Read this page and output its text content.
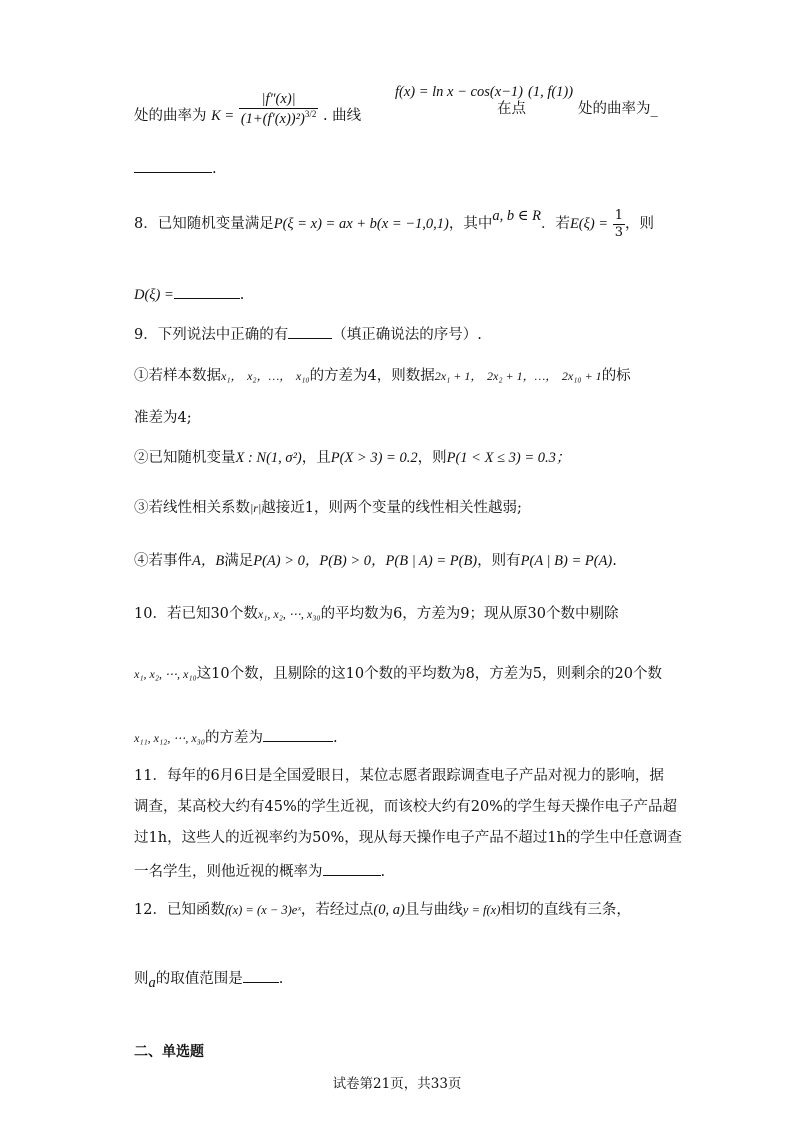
处的曲率为 $K = \frac{|f''(x)|}{(1+(f'(x))^2)^{3/2}}$ . 曲线
f(x) = ln x − cos(x−1)
在点
(1, f(1))
处的曲率为_
.
8．已知随机变量满足P(ξ = x) = ax + b(x = −1,0,1)，其中a, b ∈ R．若$E(\xi) = \frac{1}{3}$ ，则
D(ξ) =	.
9．下列说法中正确的有	（填正确说法的序号）.
①若样本数据x₁， x₂，…， x₁₀的方差为4，则数据2x₁ + 1， 2x₂ + 1，…， 2x₁₀ + 1的标
准差为4;
②已知随机变量X : N(1, σ²)，且P(X > 3) = 0.2，则P(1 < X ≤ 3) = 0.3；
③若线性相关系数|r|越接近1，则两个变量的线性相关性越弱;
④若事件A，B满足P(A) > 0，P(B) > 0，P(B | A) = P(B)，则有P(A | B) = P(A).
10．若已知30个数x₁, x₂, ⋯, x₃₀的平均数为6，方差为9；现从原30个数中剔除
x₁, x₂, ⋯, x₁₀这10个数，且剔除的这10个数的平均数为8，方差为5，则剩余的20个数
x₁₁, x₁₂, ⋯, x₃₀的方差为	.
11．每年的6月6日是全国爱眼日，某位志愿者跟踪调查电子产品对视力的影响，据
调查，某高校大约有45%的学生近视，而该校大约有20%的学生每天操作电子产品超
过1h，这些人的近视率约为50%，现从每天操作电子产品不超过1h的学生中任意调查
一名学生，则他近视的概率为	.
12．已知函数f(x) = (x − 3)eˣ，若经过点(0, a)且与曲线y = f(x)相切的直线有三条，
则a的取值范围是 .
二、单选题
试卷第21页，共33页
